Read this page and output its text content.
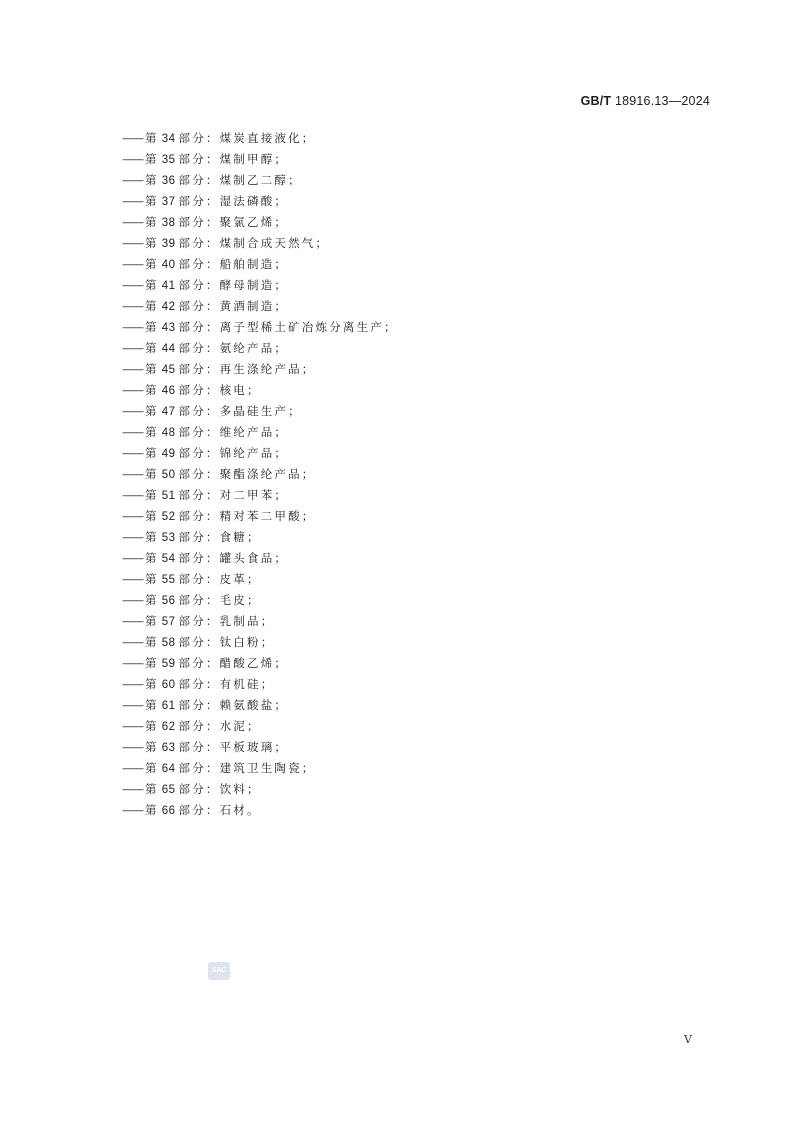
GB/T 18916.13—2024
—— 第 34 部分：煤炭直接液化；
—— 第 35 部分：煤制甲醇；
—— 第 36 部分：煤制乙二醇；
—— 第 37 部分：湿法磷酸；
—— 第 38 部分：聚氯乙烯；
—— 第 39 部分：煤制合成天然气；
—— 第 40 部分：船舶制造；
—— 第 41 部分：酵母制造；
—— 第 42 部分：黄酒制造；
—— 第 43 部分：离子型稀土矿冶炼分离生产；
—— 第 44 部分：氨纶产品；
—— 第 45 部分：再生涤纶产品；
—— 第 46 部分：核电；
—— 第 47 部分：多晶硅生产；
—— 第 48 部分：维纶产品；
—— 第 49 部分：锦纶产品；
—— 第 50 部分：聚酯涤纶产品；
—— 第 51 部分：对二甲苯；
—— 第 52 部分：精对苯二甲酸；
—— 第 53 部分：食糖；
—— 第 54 部分：罐头食品；
—— 第 55 部分：皮革；
—— 第 56 部分：毛皮；
—— 第 57 部分：乳制品；
—— 第 58 部分：钛白粉；
—— 第 59 部分：醋酸乙烯；
—— 第 60 部分：有机硅；
—— 第 61 部分：赖氨酸盐；
—— 第 62 部分：水泥；
—— 第 63 部分：平板玻璃；
—— 第 64 部分：建筑卫生陶瓷；
—— 第 65 部分：饮料；
—— 第 66 部分：石材。
SAC
V
